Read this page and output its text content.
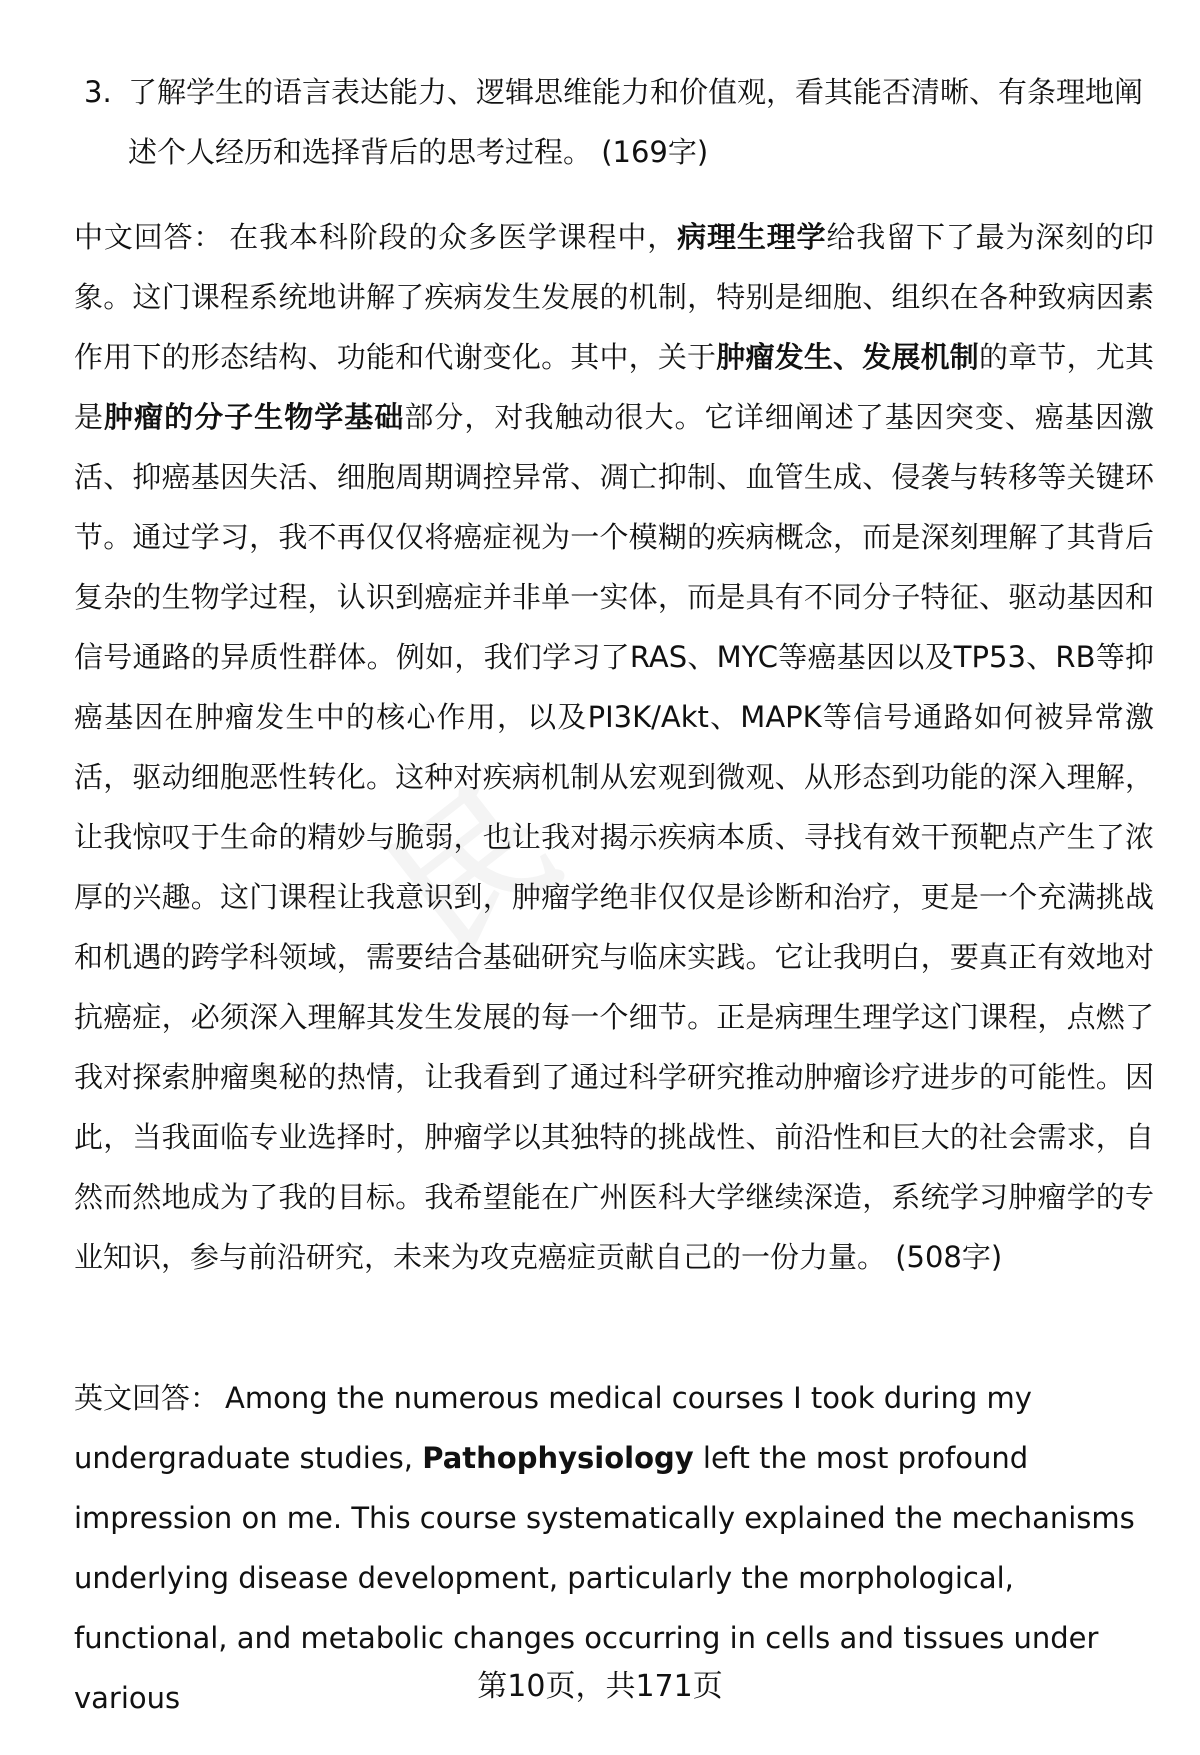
3. 了解学生的语言表达能力、逻辑思维能力和价值观，看其能否清晰、有条理地阐述个人经历和选择背后的思考过程。 (169字)

中文回答： 在我本科阶段的众多医学课程中，病理生理学给我留下了最为深刻的印象。这门课程系统地讲解了疾病发生发展的机制，特别是细胞、组织在各种致病因素作用下的形态结构、功能和代谢变化。其中，关于肿瘤发生、发展机制的章节，尤其是肿瘤的分子生物学基础部分，对我触动很大。它详细阐述了基因突变、癌基因激活、抑癌基因失活、细胞周期调控异常、凋亡抑制、血管生成、侵袭与转移等关键环节。通过学习，我不再仅仅将癌症视为一个模糊的疾病概念，而是深刻理解了其背后复杂的生物学过程，认识到癌症并非单一实体，而是具有不同分子特征、驱动基因和信号通路的异质性群体。例如，我们学习了RAS、MYC等癌基因以及TP53、RB等抑癌基因在肿瘤发生中的核心作用，以及PI3K/Akt、MAPK等信号通路如何被异常激活，驱动细胞恶性转化。这种对疾病机制从宏观到微观、从形态到功能的深入理解，让我惊叹于生命的精妙与脆弱，也让我对揭示疾病本质、寻找有效干预靶点产生了浓厚的兴趣。这门课程让我意识到，肿瘤学绝非仅仅是诊断和治疗，更是一个充满挑战和机遇的跨学科领域，需要结合基础研究与临床实践。它让我明白，要真正有效地对抗癌症，必须深入理解其发生发展的每一个细节。正是病理生理学这门课程，点燃了我对探索肿瘤奥秘的热情，让我看到了通过科学研究推动肿瘤诊疗进步的可能性。因此，当我面临专业选择时，肿瘤学以其独特的挑战性、前沿性和巨大的社会需求，自然而然地成为了我的目标。我希望能在广州医科大学继续深造，系统学习肿瘤学的专业知识，参与前沿研究，未来为攻克癌症贡献自己的一份力量。 (508字)

英文回答： Among the numerous medical courses I took during my undergraduate studies, Pathophysiology left the most profound impression on me. This course systematically explained the mechanisms underlying disease development, particularly the morphological, functional, and metabolic changes occurring in cells and tissues under various	第10页，共171页
